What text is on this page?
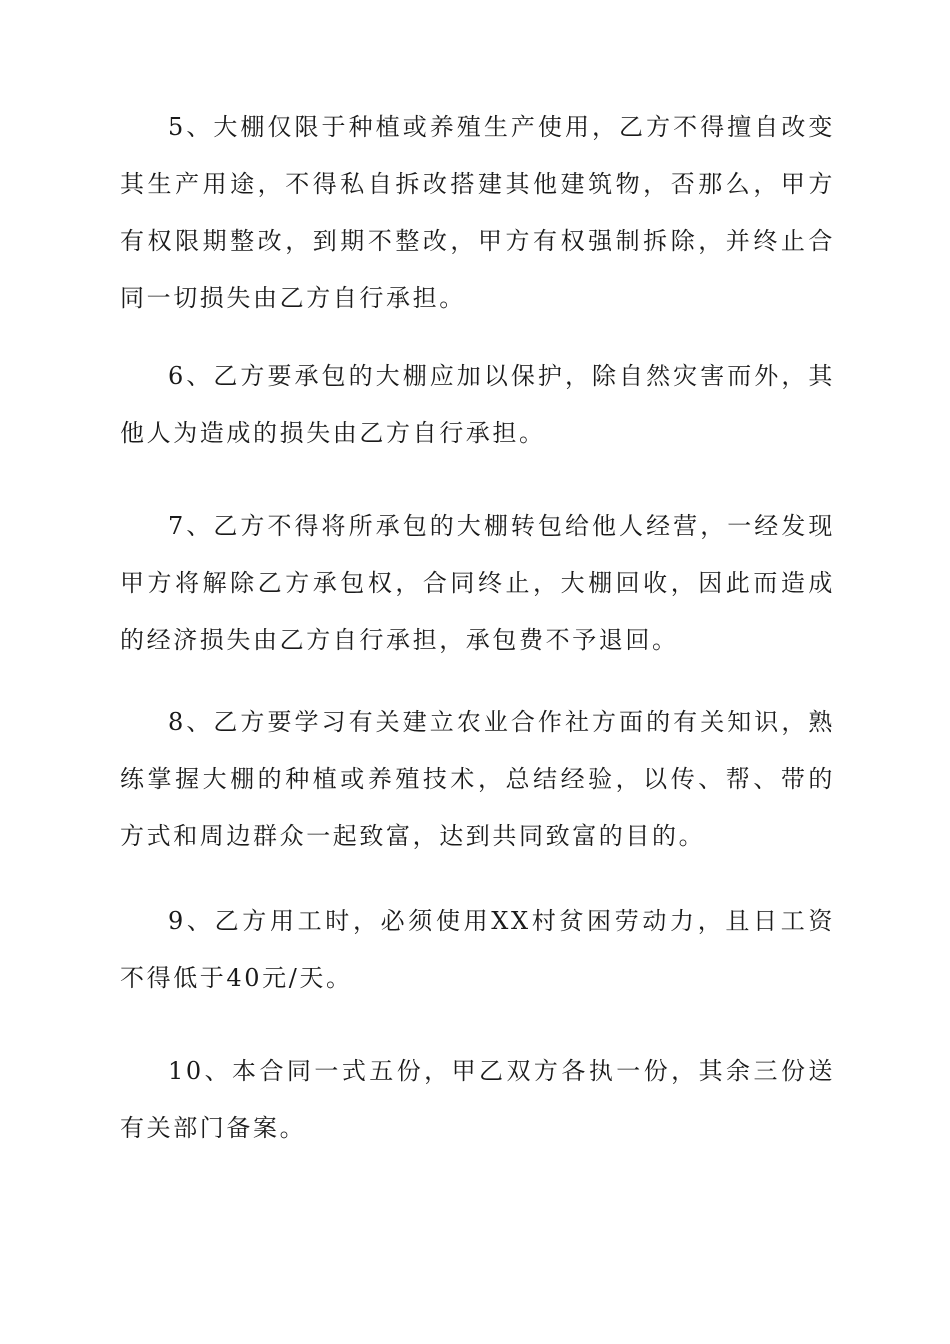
5、大棚仅限于种植或养殖生产使用，乙方不得擅自改变其生产用途，不得私自拆改搭建其他建筑物，否那么，甲方有权限期整改，到期不整改，甲方有权强制拆除，并终止合同一切损失由乙方自行承担。

6、乙方要承包的大棚应加以保护，除自然灾害而外，其他人为造成的损失由乙方自行承担。

7、乙方不得将所承包的大棚转包给他人经营，一经发现甲方将解除乙方承包权，合同终止，大棚回收，因此而造成的经济损失由乙方自行承担，承包费不予退回。

8、乙方要学习有关建立农业合作社方面的有关知识，熟练掌握大棚的种植或养殖技术，总结经验，以传、帮、带的方式和周边群众一起致富，达到共同致富的目的。

9、乙方用工时，必须使用XX村贫困劳动力，且日工资不得低于40元/天。

10、本合同一式五份，甲乙双方各执一份，其余三份送有关部门备案。
